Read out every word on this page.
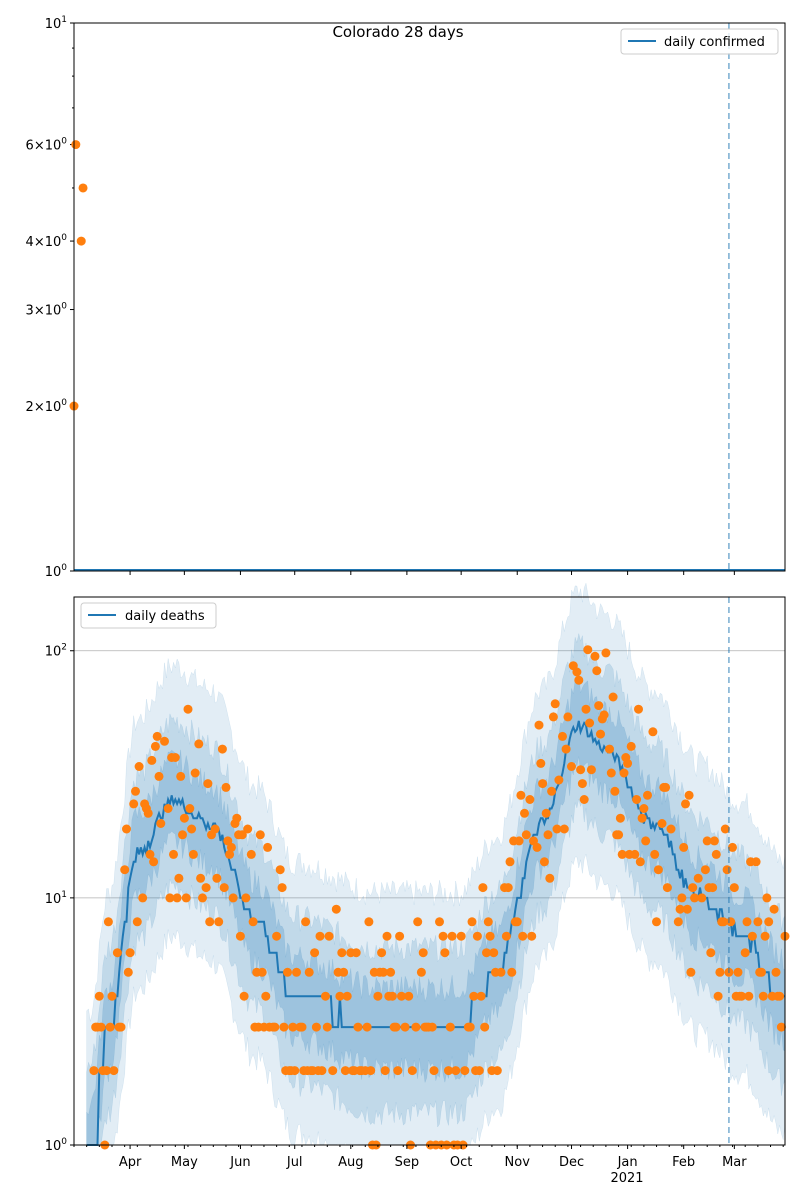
Colorado 28 days
$10^0$
$2\times 10^0$
$3\times 10^0$
$4\times 10^0$
$6\times 10^0$
$10^1$
daily confirmed
$10^0$
$10^1$
$10^2$
Apr May Jun	Jul	Aug Sep Oct Nov Dec	Jan	Feb Mar
daily deaths
2021
